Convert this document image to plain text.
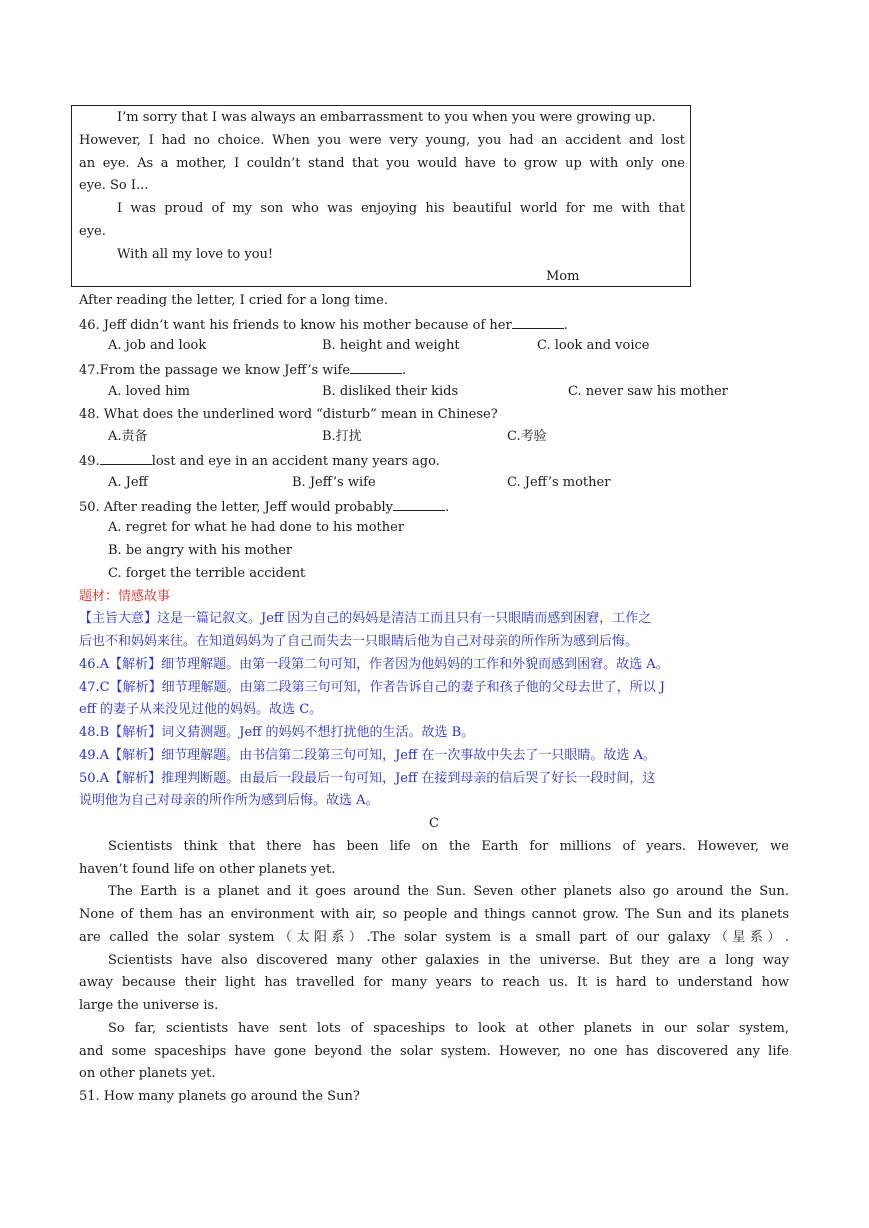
I’m sorry that I was always an embarrassment to you when you were growing up.
However, I had no choice. When you were very young, you had an accident and lost
an eye. As a mother, I couldn’t stand that you would have to grow up with only one
eye. So I...
I was proud of my son who was enjoying his beautiful world for me with that
eye.
With all my love to you!
Mom
After reading the letter, I cried for a long time.
46. Jeff didn’t want his friends to know his mother because of her	.
A. job and look	B. height and weight	C. look and voice
47.From the passage we know Jeff’s wife	.
A. loved him	B. disliked their kids	C. never saw his mother
48. What does the underlined word “disturb” mean in Chinese?
A.责备	B.打扰	C.考验
49.	lost and eye in an accident many years ago.
A. Jeff	B. Jeff’s wife	C. Jeff’s mother
50. After reading the letter, Jeff would probably	.
A. regret for what he had done to his mother
B. be angry with his mother
C. forget the terrible accident
题材：情感故事
【主旨大意】这是一篇记叙文。Jeff 因为自己的妈妈是清洁工而且只有一只眼睛而感到困窘，工作之
后也不和妈妈来往。在知道妈妈为了自己而失去一只眼睛后他为自己对母亲的所作所为感到后悔。
46.A【解析】细节理解题。由第一段第二句可知，作者因为他妈妈的工作和外貌而感到困窘。故选 A。
47.C【解析】细节理解题。由第二段第三句可知，作者告诉自己的妻子和孩子他的父母去世了，所以 J
eff 的妻子从来没见过他的妈妈。故选 C。
48.B【解析】词义猜测题。Jeff 的妈妈不想打扰他的生活。故选 B。
49.A【解析】细节理解题。由书信第二段第三句可知，Jeff 在一次事故中失去了一只眼睛。故选 A。
50.A【解析】推理判断题。由最后一段最后一句可知，Jeff 在接到母亲的信后哭了好长一段时间，这
说明他为自己对母亲的所作所为感到后悔。故选 A。
C
Scientists think that there has been life on the Earth for millions of years. However, we
haven’t found life on other planets yet.
The Earth is a planet and it goes around the Sun. Seven other planets also go around the Sun.
None of them has an environment with air, so people and things cannot grow. The Sun and its planets
are called the solar system（太阳系）.The solar system is a small part of our galaxy（星系）.
Scientists have also discovered many other galaxies in the universe. But they are a long way
away because their light has travelled for many years to reach us. It is hard to understand how
large the universe is.
So far, scientists have sent lots of spaceships to look at other planets in our solar system,
and some spaceships have gone beyond the solar system. However, no one has discovered any life
on other planets yet.
51. How many planets go around the Sun?
